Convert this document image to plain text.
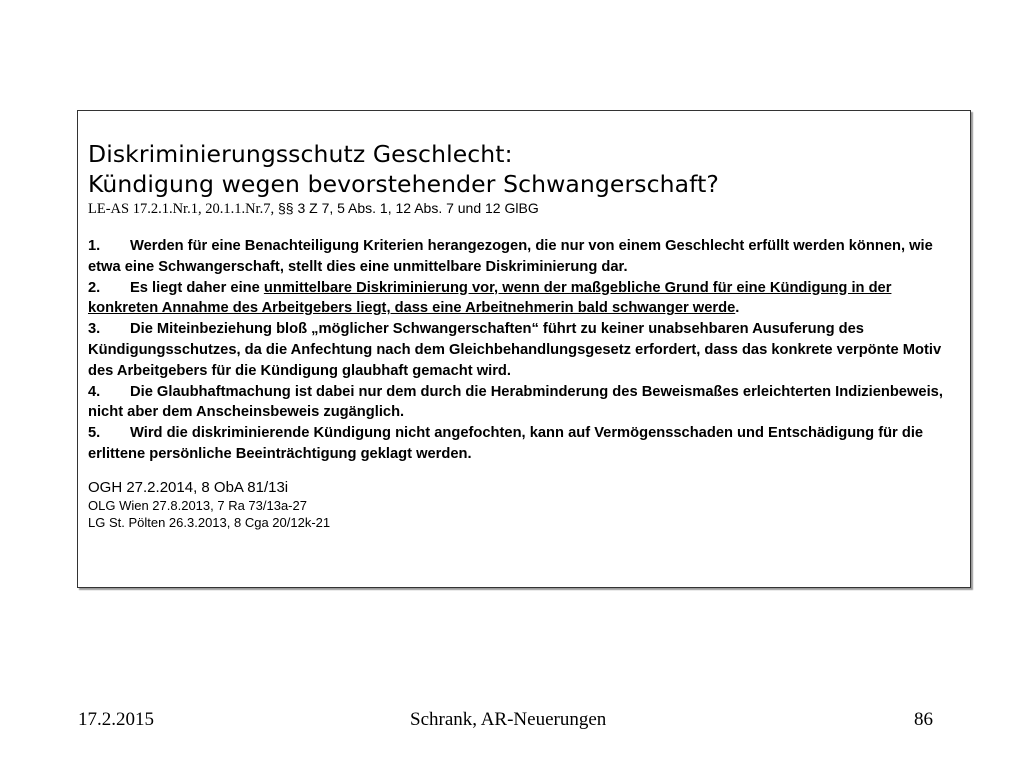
Diskriminierungsschutz Geschlecht:
Kündigung wegen bevorstehender Schwangerschaft?
LE-AS 17.2.1.Nr.1, 20.1.1.Nr.7, §§ 3 Z 7, 5 Abs. 1, 12 Abs. 7 und 12 GlBG
1. Werden für eine Benachteiligung Kriterien herangezogen, die nur von einem Geschlecht erfüllt werden können, wie etwa eine Schwangerschaft, stellt dies eine unmittelbare Diskriminierung dar.
2. Es liegt daher eine unmittelbare Diskriminierung vor, wenn der maßgebliche Grund für eine Kündigung in der konkreten Annahme des Arbeitgebers liegt, dass eine Arbeitnehmerin bald schwanger werde.
3. Die Miteinbeziehung bloß „möglicher Schwangerschaften“ führt zu keiner unabsehbaren Ausuferung des Kündigungsschutzes, da die Anfechtung nach dem Gleichbehandlungsgesetz erfordert, dass das konkrete verpönte Motiv des Arbeitgebers für die Kündigung glaubhaft gemacht wird.
4. Die Glaubhaftmachung ist dabei nur dem durch die Herabminderung des Beweismaßes erleichterten Indizienbeweis, nicht aber dem Anscheinsbeweis zugänglich.
5. Wird die diskriminierende Kündigung nicht angefochten, kann auf Vermögensschaden und Entschädigung für die erlittene persönliche Beeinträchtigung geklagt werden.
OGH 27.2.2014, 8 ObA 81/13i
OLG Wien 27.8.2013, 7 Ra 73/13a-27
LG St. Pölten 26.3.2013, 8 Cga 20/12k-21
17.2.2015	Schrank, AR-Neuerungen	86
